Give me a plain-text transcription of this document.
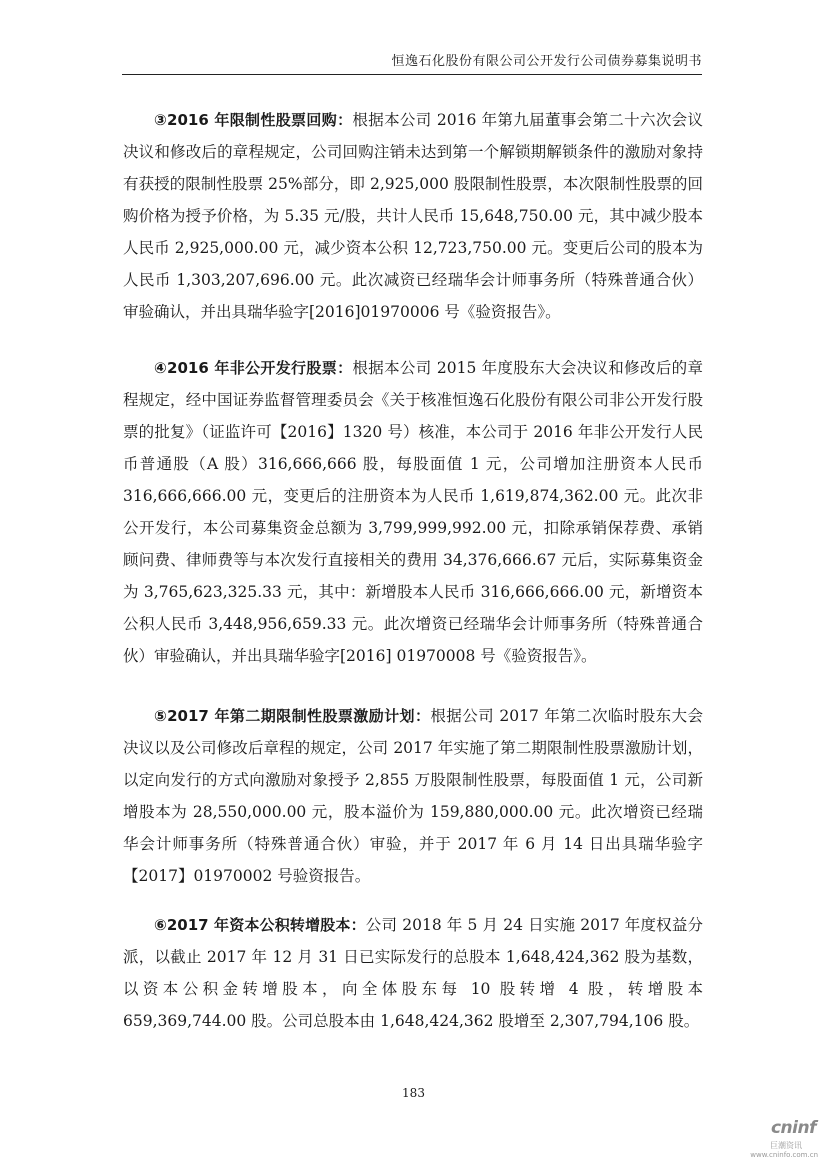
恒逸石化股份有限公司公开发行公司债券募集说明书

③2016 年限制性股票回购：根据本公司 2016 年第九届董事会第二十六次会议决议和修改后的章程规定，公司回购注销未达到第一个解锁期解锁条件的激励对象持有获授的限制性股票 25%部分，即 2,925,000 股限制性股票，本次限制性股票的回购价格为授予价格，为 5.35 元/股，共计人民币 15,648,750.00 元，其中减少股本人民币 2,925,000.00 元，减少资本公积 12,723,750.00 元。变更后公司的股本为人民币 1,303,207,696.00 元。此次减资已经瑞华会计师事务所（特殊普通合伙）审验确认，并出具瑞华验字[2016]01970006 号《验资报告》。

④2016 年非公开发行股票：根据本公司 2015 年度股东大会决议和修改后的章程规定，经中国证券监督管理委员会《关于核准恒逸石化股份有限公司非公开发行股票的批复》（证监许可【2016】1320 号）核准，本公司于 2016 年非公开发行人民币普通股（A 股）316,666,666 股，每股面值 1 元，公司增加注册资本人民币 316,666,666.00 元，变更后的注册资本为人民币 1,619,874,362.00 元。此次非公开发行，本公司募集资金总额为 3,799,999,992.00 元，扣除承销保荐费、承销顾问费、律师费等与本次发行直接相关的费用 34,376,666.67 元后，实际募集资金为 3,765,623,325.33 元，其中：新增股本人民币 316,666,666.00 元，新增资本公积人民币 3,448,956,659.33 元。此次增资已经瑞华会计师事务所（特殊普通合伙）审验确认，并出具瑞华验字[2016] 01970008 号《验资报告》。

⑤2017 年第二期限制性股票激励计划：根据公司 2017 年第二次临时股东大会决议以及公司修改后章程的规定，公司 2017 年实施了第二期限制性股票激励计划，以定向发行的方式向激励对象授予 2,855 万股限制性股票，每股面值 1 元，公司新增股本为 28,550,000.00 元，股本溢价为 159,880,000.00 元。此次增资已经瑞华会计师事务所（特殊普通合伙）审验，并于 2017 年 6 月 14 日出具瑞华验字【2017】01970002 号验资报告。

⑥2017 年资本公积转增股本：公司 2018 年 5 月 24 日实施 2017 年度权益分派，以截止 2017 年 12 月 31 日已实际发行的总股本 1,648,424,362 股为基数，以资本公积金转增股本，向全体股东每 10 股转增 4 股，转增股本 659,369,744.00 股。公司总股本由 1,648,424,362 股增至 2,307,794,106 股。

183
cninf
巨潮资讯
www.cninfo.com.cn
